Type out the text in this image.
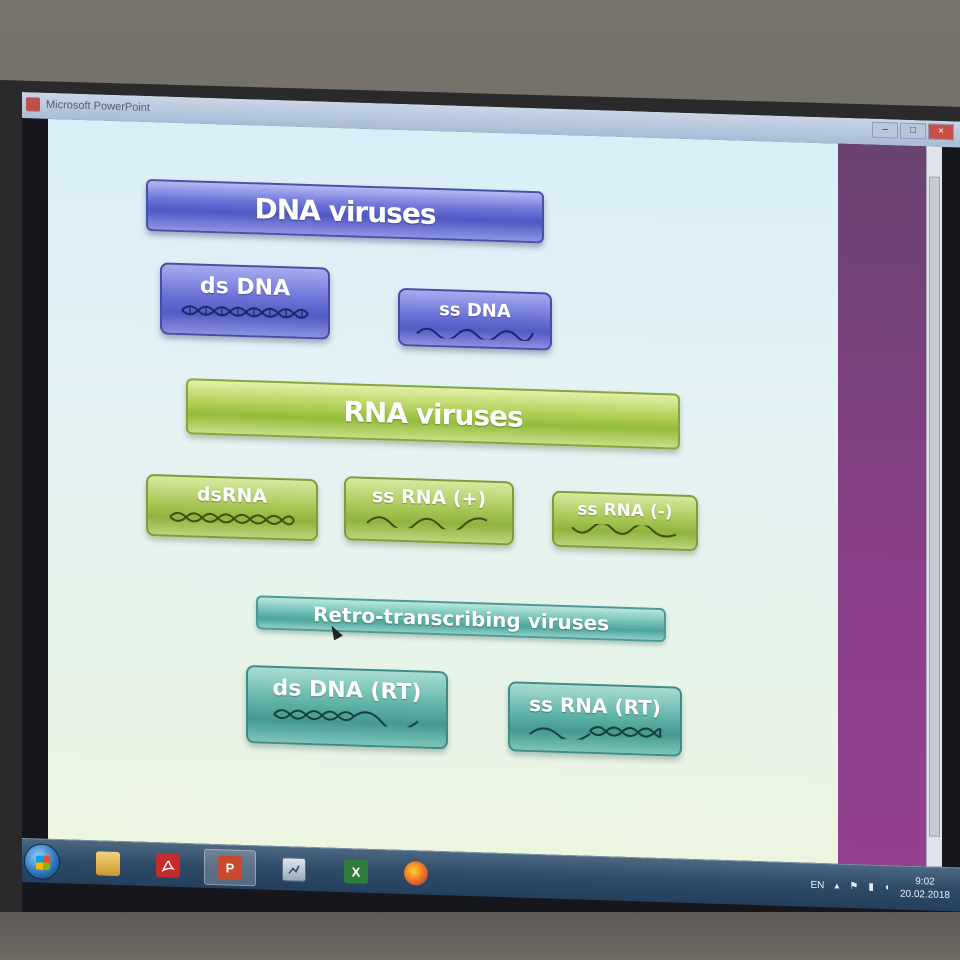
Microsoft PowerPoint
–	□	×
DNA viruses
ds DNA
ss DNA
RNA viruses
dsRNA	ss RNA (+)
ss RNA (-)
Retro-transcribing viruses
ds DNA (RT)
ss RNA (RT)
P	X
EN ▴ ⚑ ▮ ◖	9:02
20.02.2018
